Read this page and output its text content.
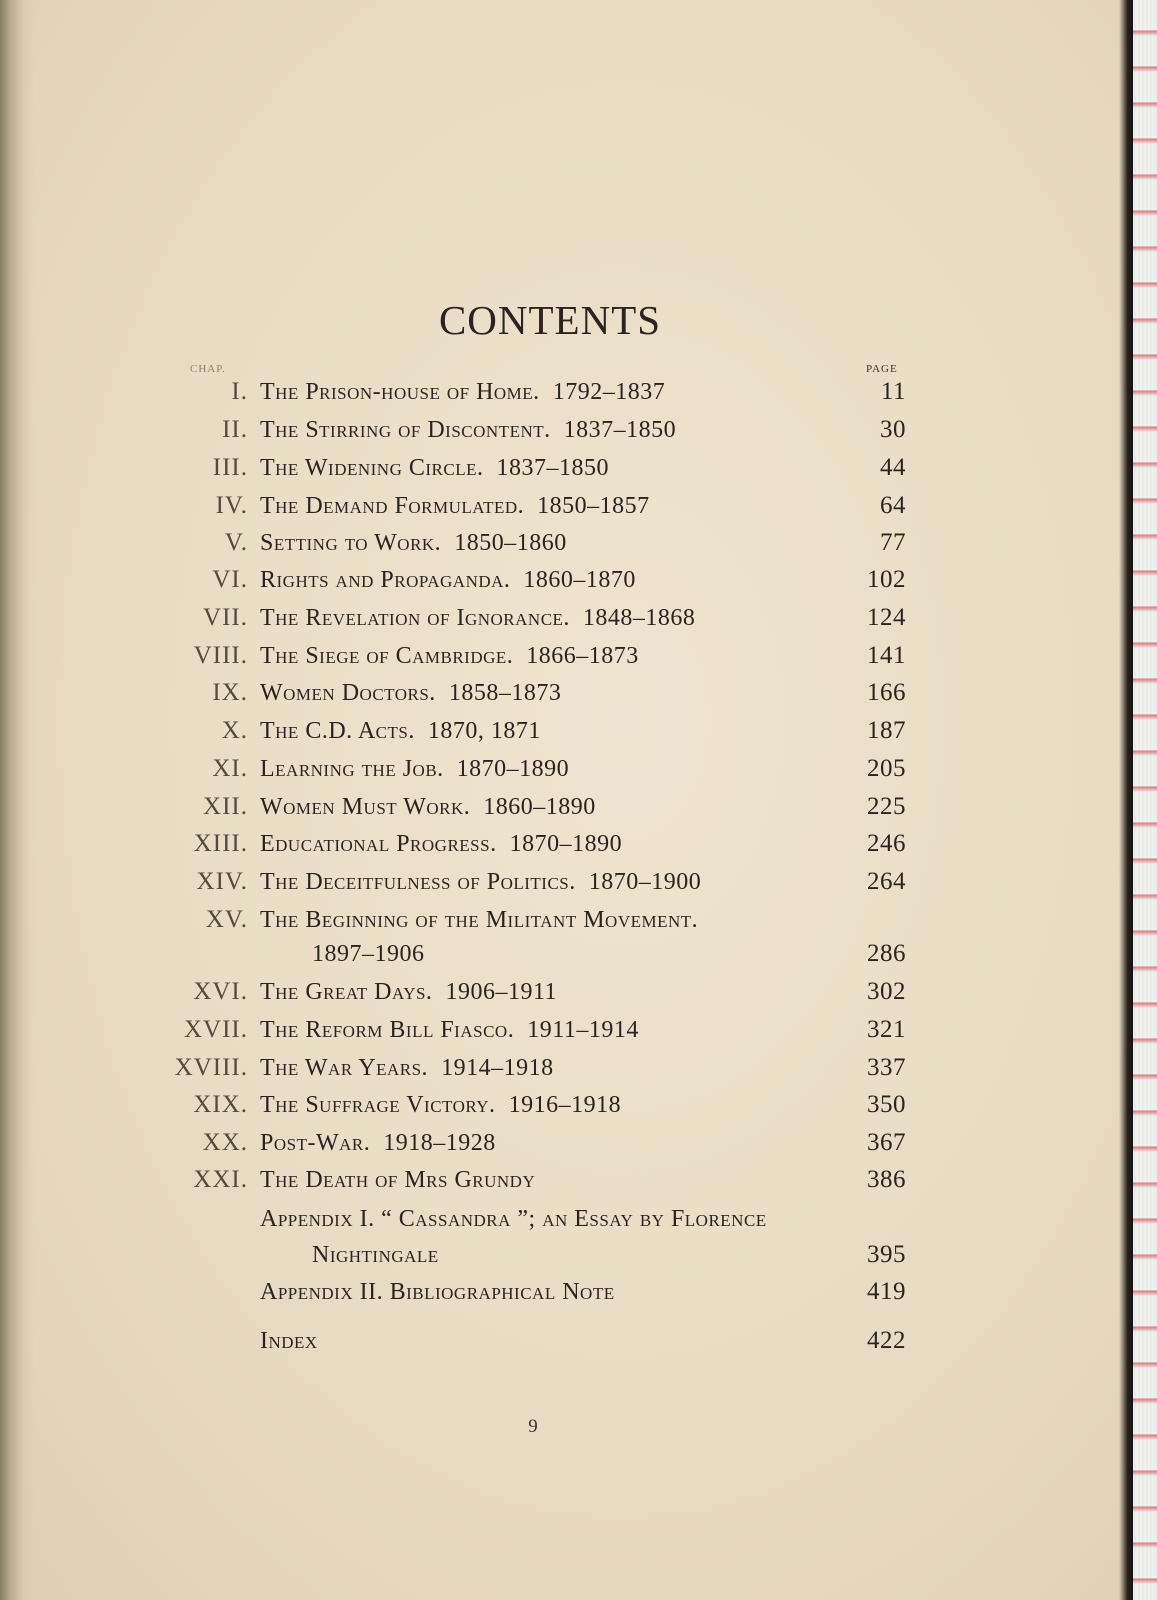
CONTENTS
CHAP.	PAGE
I. The Prison-house of Home. 1792–1837	11
II. The Stirring of Discontent. 1837–1850	30
III. The Widening Circle. 1837–1850	44
IV. The Demand Formulated. 1850–1857	64
V. Setting to Work. 1850–1860	77
VI. Rights and Propaganda. 1860–1870	102
VII. The Revelation of Ignorance. 1848–1868	124
VIII. The Siege of Cambridge. 1866–1873	141
IX. Women Doctors. 1858–1873	166
X. The C.D. Acts. 1870, 1871	187
XI. Learning the Job. 1870–1890	205
XII. Women Must Work. 1860–1890	225
XIII. Educational Progress. 1870–1890	246
XIV. The Deceitfulness of Politics. 1870–1900	264
XV. The Beginning of the Militant Movement.
1897–1906	286
XVI. The Great Days. 1906–1911	302
XVII. The Reform Bill Fiasco. 1911–1914	321
XVIII. The War Years. 1914–1918	337
XIX. The Suffrage Victory. 1916–1918	350
XX. Post-War. 1918–1928	367
XXI. The Death of Mrs Grundy	386
Appendix I. “ Cassandra ”; an Essay by Florence
Nightingale	395
Appendix II. Bibliographical Note	419
Index	422
9
